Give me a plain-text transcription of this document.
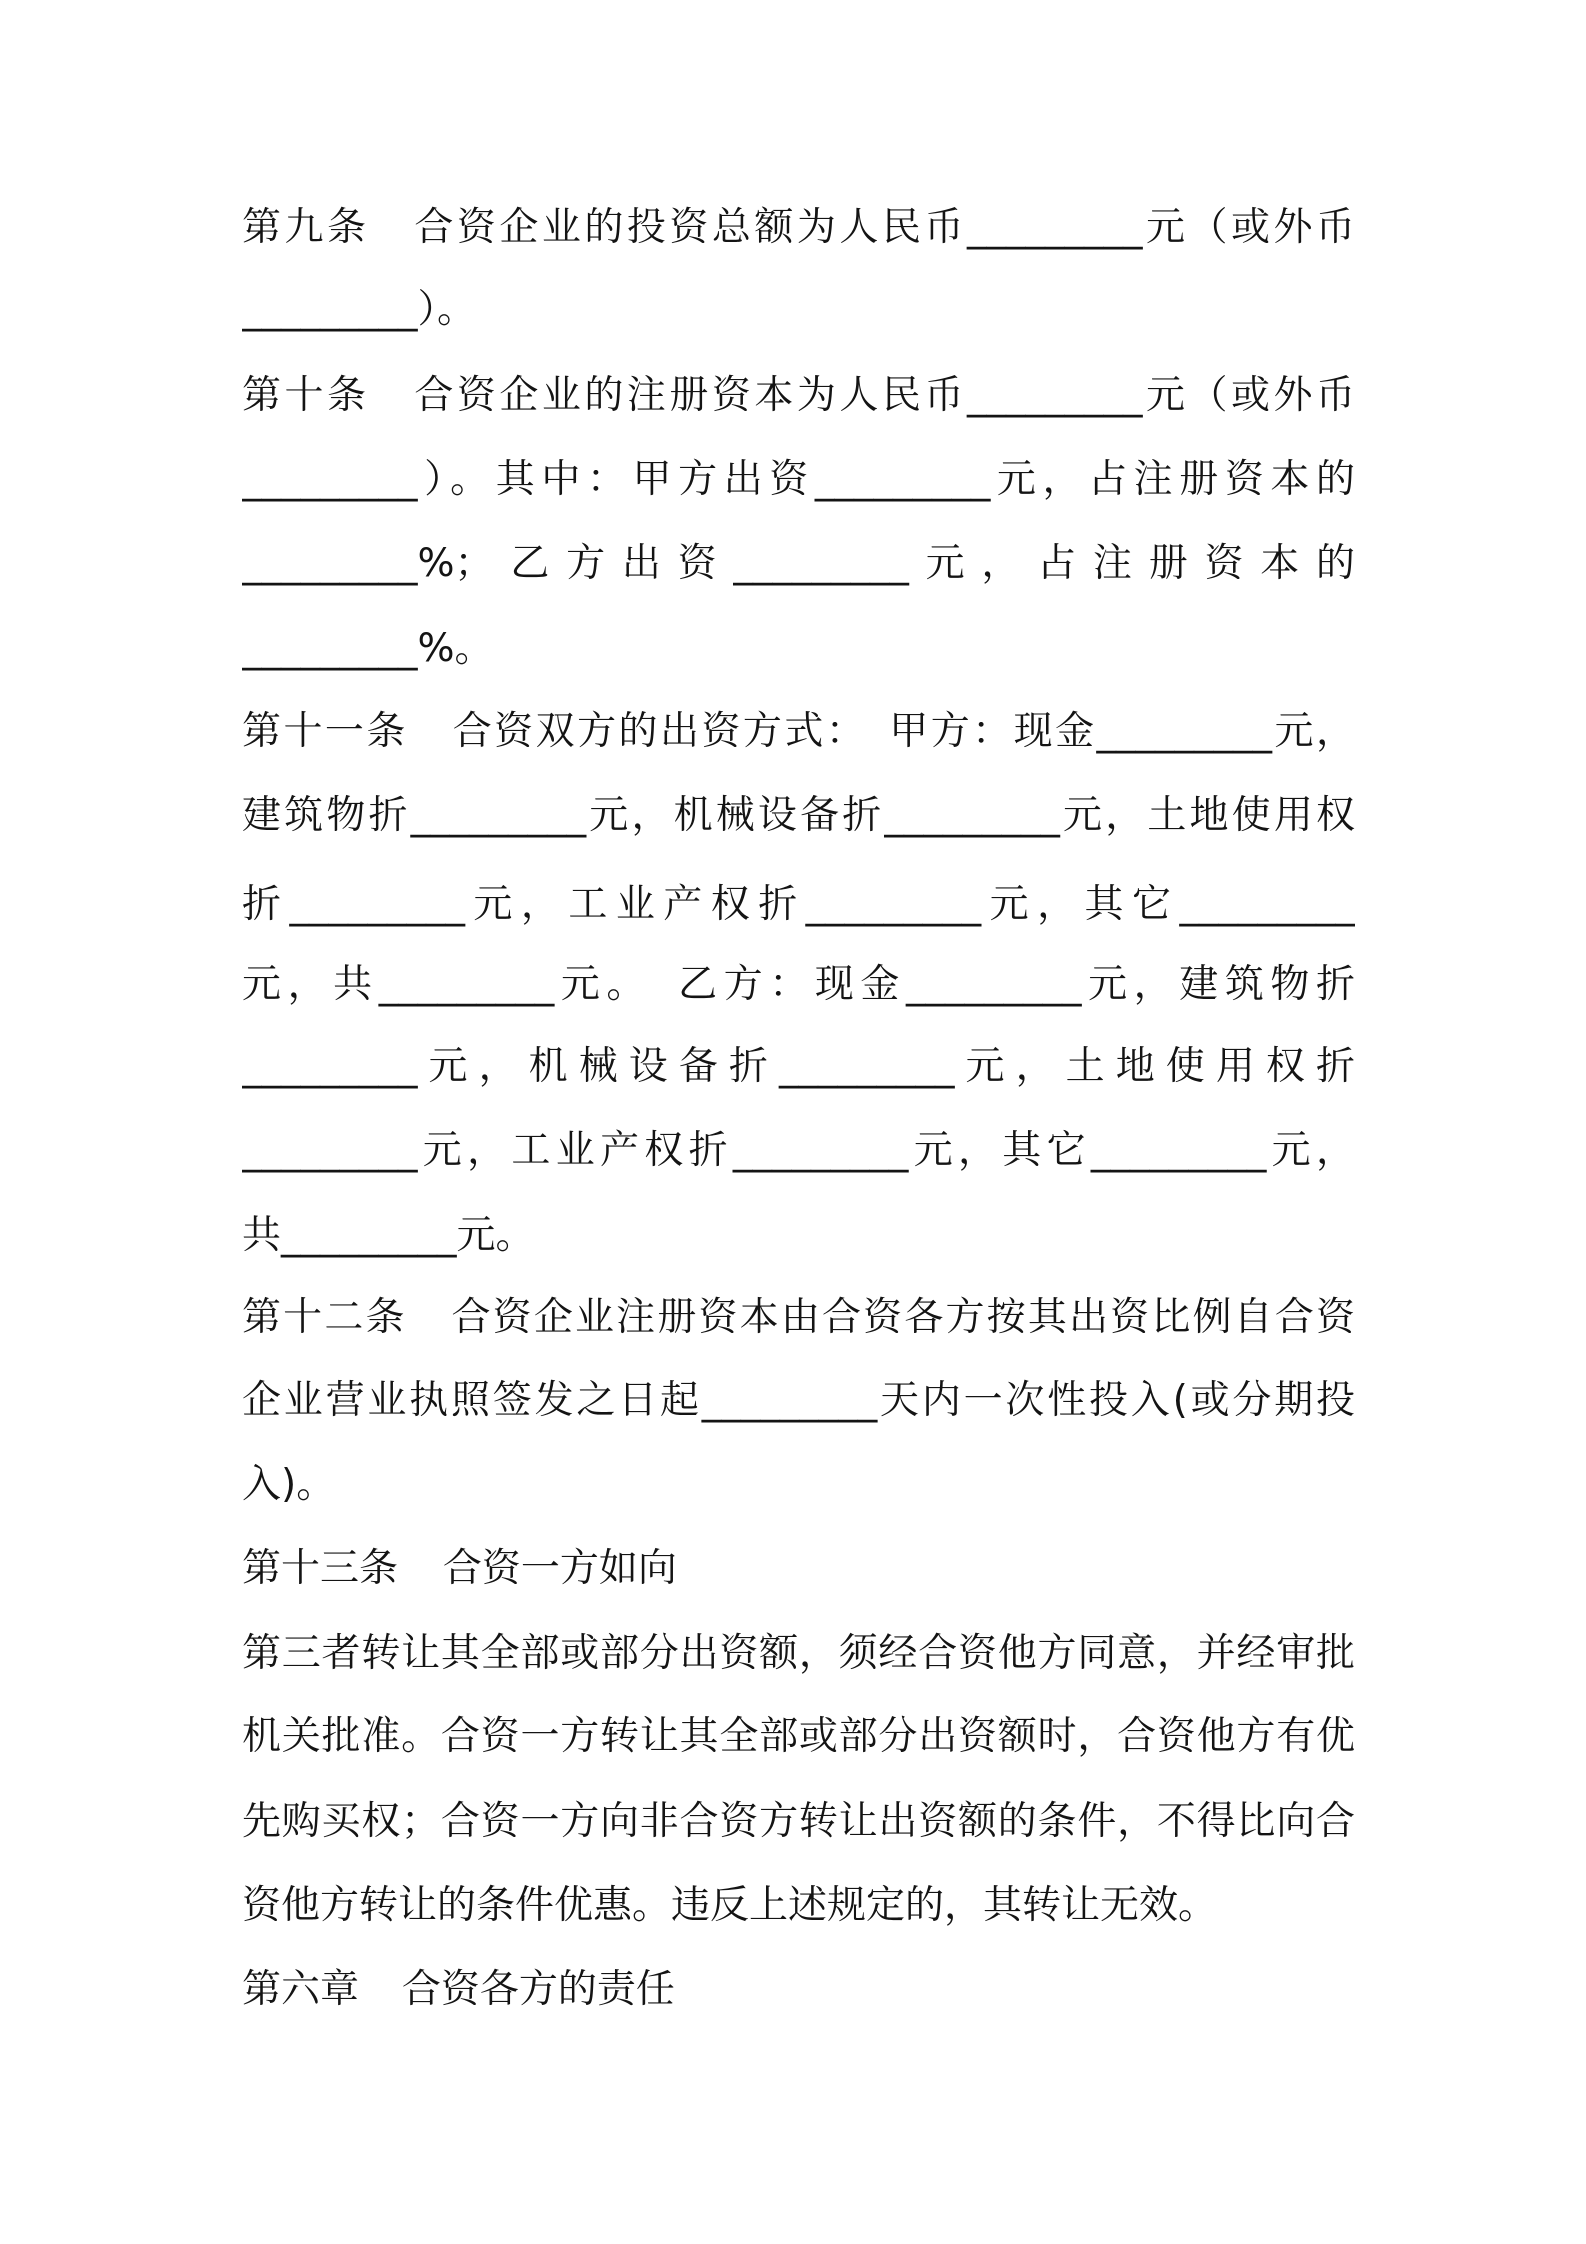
第九条 合资企业的投资总额为人民币_________元（或外币
_________）。
第十条 合资企业的注册资本为人民币_________元（或外币
_________）。其中：甲方出资_________元，占注册资本的
_________%；乙方出资_________元，占注册资本的
_________%。
第十一条 合资双方的出资方式：　甲方：现金_________元，
建筑物折_________元，机械设备折_________元，土地使用权
折_________元，工业产权折_________元，其它_________
元，共_________元。　乙方：现金_________元，建筑物折
_________元，机械设备折_________元，土地使用权折
_________元，工业产权折_________元，其它_________元，
共_________元。
第十二条 合资企业注册资本由合资各方按其出资比例自合资
企业营业执照签发之日起_________天内一次性投入(或分期投
入)。
第十三条 合资一方如向
第三者转让其全部或部分出资额，须经合资他方同意，并经审批
机关批准。合资一方转让其全部或部分出资额时，合资他方有优
先购买权；合资一方向非合资方转让出资额的条件，不得比向合
资他方转让的条件优惠。违反上述规定的，其转让无效。
第六章 合资各方的责任
